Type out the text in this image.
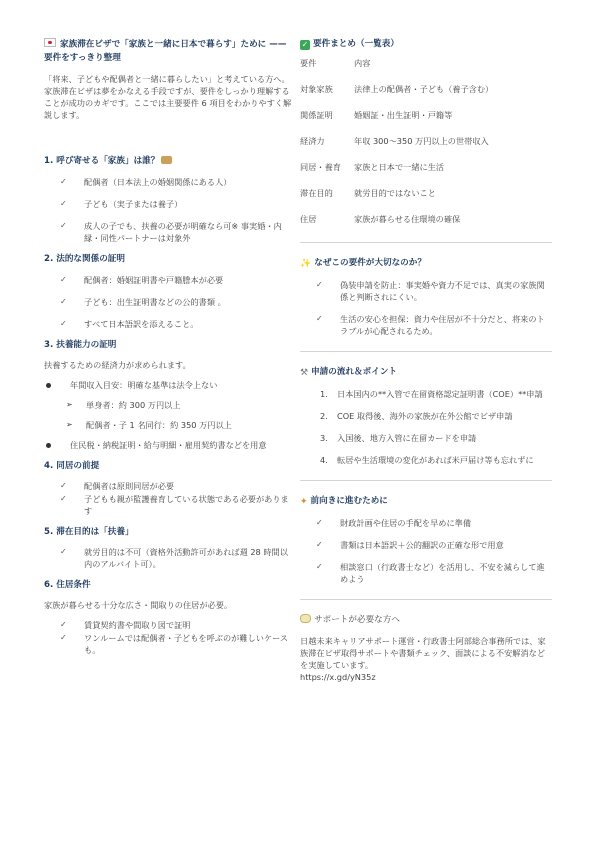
家族滞在ビザで「家族と一緒に日本で暮らす」ために —— 要件をすっきり整理
「将来、子どもや配偶者と一緒に暮らしたい」と考えている方へ。 家族滞在ビザは夢をかなえる手段ですが、要件をしっかり理解することが成功のカギです。ここでは主要要件 6 項目をわかりやすく解説します。
1. 呼び寄せる「家族」は誰？
✓ 配偶者（日本法上の婚姻関係にある人）
✓ 子ども（実子または養子）
✓ 成人の子でも、扶養の必要が明確なら可※ 事実婚・内縁・同性パートナーは対象外
2. 法的な関係の証明
✓ 配偶者：婚姻証明書や戸籍謄本が必要
✓ 子ども：出生証明書などの公的書類 。
✓ すべて日本語訳を添えること。
3. 扶養能力の証明
扶養するための経済力が求められます。
年間収入目安：明確な基準は法令上ない
➢ 単身者：約 300 万円以上
➢ 配偶者・子 1 名同行：約 350 万円以上
住民税・納税証明・給与明細・雇用契約書などを用意
4. 同居の前提
✓ 配偶者は原則同居が必要
✓ 子どもも親が監護養育している状態である必要があります
5. 滞在目的は「扶養」
✓ 就労目的は不可（資格外活動許可があれば週 28 時間以内のアルバイト可）。
6. 住居条件
家族が暮らせる十分な広さ・間取りの住居が必要。
✓ 賃貸契約書や間取り図で証明
✓ ワンルームでは配偶者・子どもを呼ぶのが難しいケースも。
✓ 要件まとめ（一覧表）
要件	内容
対象家族	法律上の配偶者・子ども（養子含む）
関係証明	婚姻証・出生証明・戸籍等
経済力	年収 300～350 万円以上の世帯収入
同居・養育	家族と日本で一緒に生活
滞在目的	就労目的ではないこと
住居	家族が暮らせる住環境の確保
✨ なぜこの要件が大切なのか？
✓ 偽装申請を防止：事実婚や資力不足では、真実の家族関係と判断されにくい。
✓ 生活の安心を担保：資力や住居が不十分だと、将来のトラブルが心配されるため。
⚒ 申請の流れ＆ポイント
1. 日本国内の**入管で在留資格認定証明書（COE）**申請
2. COE 取得後、海外の家族が在外公館でビザ申請
3. 入国後、地方入管に在留カードを申請
4. 転居や生活環境の変化があれば米戸届け等も忘れずに
✦ 前向きに進むために
✓ 財政計画や住居の手配を早めに準備
✓ 書類は日本語訳＋公的翻訳の正確な形で用意
✓ 相談窓口（行政書士など）を活用し、不安を減らして進めよう
サポートが必要な方へ
日越未来キャリアサポート運営・行政書士阿部総合事務所では、家族滞在ビザ取得サポートや書類チェック、面談による不安解消などを実施しています。
https://x.gd/yN35z
